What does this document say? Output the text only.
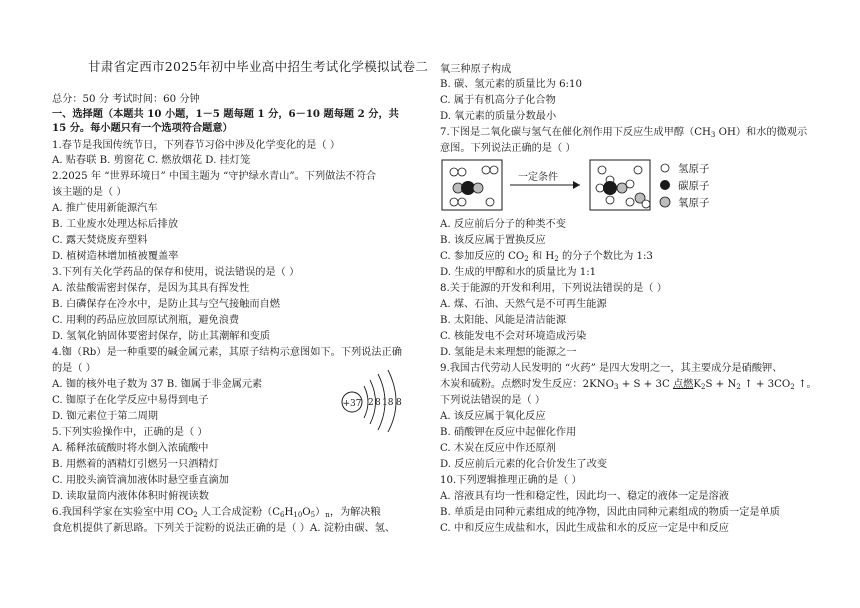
甘肃省定西市2025年初中毕业高中招生考试化学模拟试卷二
总分：50 分 考试时间：60 分钟
一、选择题（本题共 10 小题，1－5 题每题 1 分，6－10 题每题 2 分，共
15 分。每小题只有一个选项符合题意）
1.春节是我国传统节日，下列春节习俗中涉及化学变化的是（ ）
A. 贴春联 B. 剪窗花 C. 燃放烟花 D. 挂灯笼
2.2025 年 “世界环境日” 中国主题为 “守护绿水青山”。下列做法不符合
该主题的是（ ）
A. 推广使用新能源汽车
B. 工业废水处理达标后排放
C. 露天焚烧废弃塑料
D. 植树造林增加植被覆盖率
3.下列有关化学药品的保存和使用，说法错误的是（ ）
A. 浓盐酸需密封保存，是因为其具有挥发性
B. 白磷保存在冷水中，是防止其与空气接触而自燃
C. 用剩的药品应放回原试剂瓶，避免浪费
D. 氢氧化钠固体要密封保存，防止其潮解和变质
4.铷（Rb）是一种重要的碱金属元素，其原子结构示意图如下。下列说法正确
的是（ ）
A. 铷的核外电子数为 37 B. 铷属于非金属元素
C. 铷原子在化学反应中易得到电子
D. 铷元素位于第二周期
5.下列实验操作中，正确的是（ ）
A. 稀释浓硫酸时将水倒入浓硫酸中
B. 用燃着的酒精灯引燃另一只酒精灯
C. 用胶头滴管滴加液体时悬空垂直滴加
D. 读取量筒内液体体积时俯视读数
6.我国科学家在实验室中用 $CO_2$ 人工合成淀粉$(C_6H_{10}O_5)_n$，为解决粮
食危机提供了新思路。下列关于淀粉的说法正确的是（ ）A. 淀粉由碳、氢、
+37 2 8 18 8
氧三种原子构成
B. 碳、氢元素的质量比为 6:10
C. 属于有机高分子化合物
D. 氧元素的质量分数最小
7.下图是二氧化碳与氢气在催化剂作用下反应生成甲醇（$CH_3$ OH）和水的微观示
意图。下列说法正确的是（ ）
A. 反应前后分子的种类不变
B. 该反应属于置换反应
C. 参加反应的 $CO_2$ 和 $H_2$ 的分子个数比为 1:3
D. 生成的甲醇和水的质量比为 1:1
8.关于能源的开发和利用，下列说法错误的是（ ）
A. 煤、石油、天然气是不可再生能源
B. 太阳能、风能是清洁能源
C. 核能发电不会对环境造成污染
D. 氢能是未来理想的能源之一
9.我国古代劳动人民发明的 “火药” 是四大发明之一，其主要成分是硝酸钾、
木炭和硫粉。点燃时发生反应：$2KNO_3 + S + 3C$ 点燃$K_2S + N_2$ ↑ + $3CO_2$ ↑。
下列说法错误的是（ ）
A. 该反应属于氧化反应
B. 硝酸钾在反应中起催化作用
C. 木炭在反应中作还原剂
D. 反应前后元素的化合价发生了改变
10.下列逻辑推理正确的是（ ）
A. 溶液具有均一性和稳定性，因此均一、稳定的液体一定是溶液
B. 单质是由同种元素组成的纯净物，因此由同种元素组成的物质一定是单质
C. 中和反应生成盐和水，因此生成盐和水的反应一定是中和反应
一定条件
氢原子
碳原子
氧原子
